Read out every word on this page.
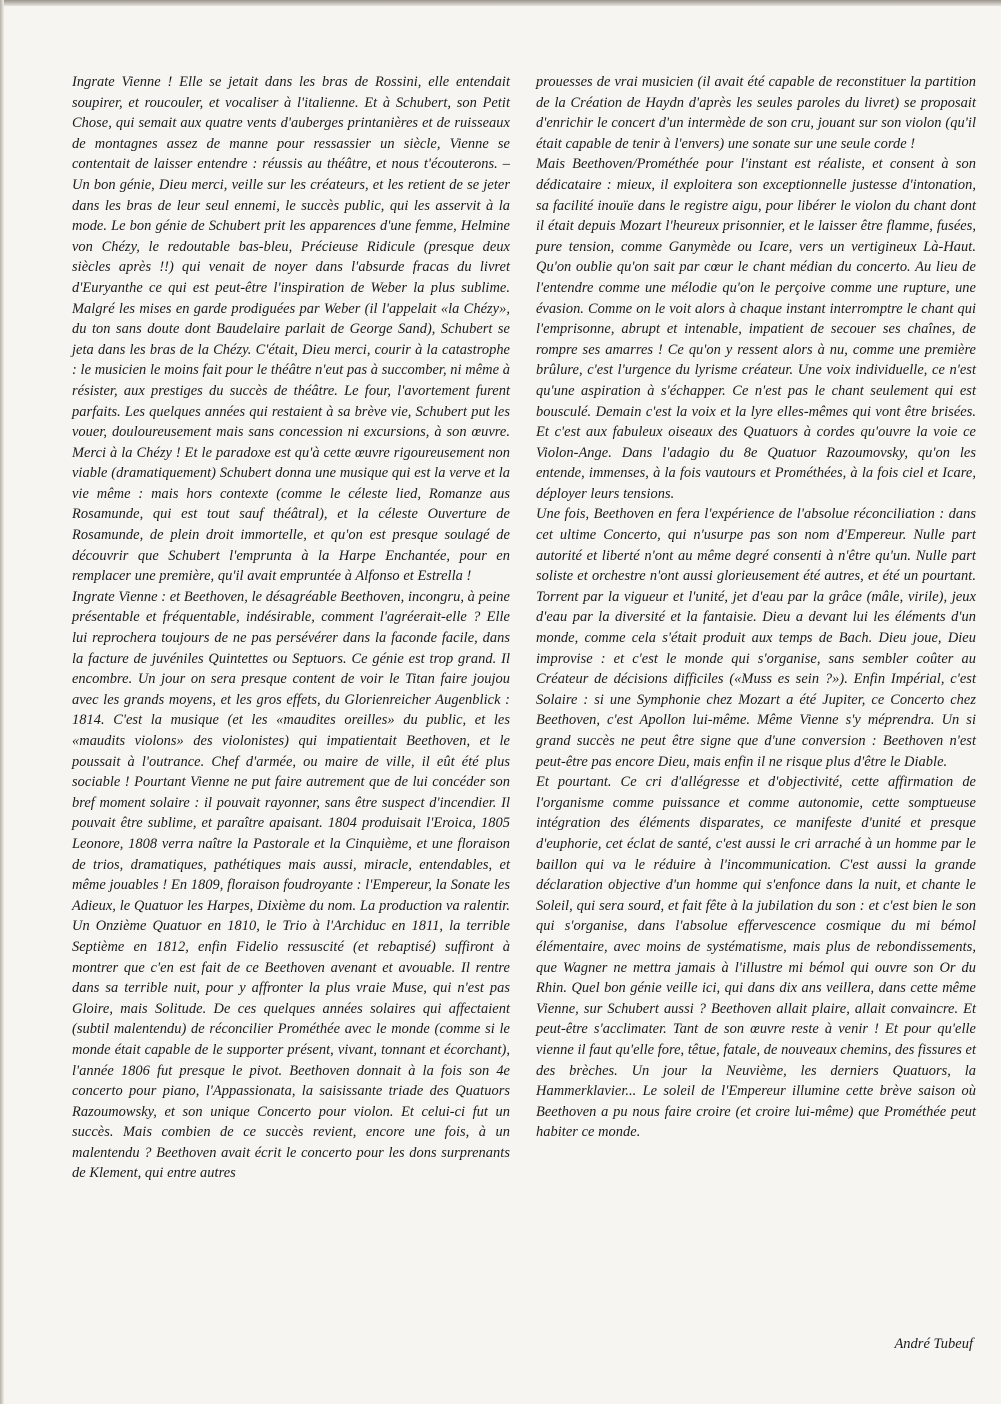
Ingrate Vienne ! Elle se jetait dans les bras de Rossini, elle entendait soupirer, et roucouler, et vocaliser à l'italienne. Et à Schubert, son Petit Chose, qui semait aux quatre vents d'auberges printanières et de ruisseaux de montagnes assez de manne pour ressassier un siècle, Vienne se contentait de laisser entendre : réussis au théâtre, et nous t'écouterons. – Un bon génie, Dieu merci, veille sur les créateurs, et les retient de se jeter dans les bras de leur seul ennemi, le succès public, qui les asservit à la mode. Le bon génie de Schubert prit les apparences d'une femme, Helmine von Chézy, le redoutable bas-bleu, Précieuse Ridicule (presque deux siècles après !!) qui venait de noyer dans l'absurde fracas du livret d'Euryanthe ce qui est peut-être l'inspiration de Weber la plus sublime. Malgré les mises en garde prodiguées par Weber (il l'appelait «la Chézy», du ton sans doute dont Baudelaire parlait de George Sand), Schubert se jeta dans les bras de la Chézy. C'était, Dieu merci, courir à la catastrophe : le musicien le moins fait pour le théâtre n'eut pas à succomber, ni même à résister, aux prestiges du succès de théâtre. Le four, l'avortement furent parfaits. Les quelques années qui restaient à sa brève vie, Schubert put les vouer, douloureusement mais sans concession ni excursions, à son œuvre. Merci à la Chézy ! Et le paradoxe est qu'à cette œuvre rigoureusement non viable (dramatiquement) Schubert donna une musique qui est la verve et la vie même : mais hors contexte (comme le céleste lied, Romanze aus Rosamunde, qui est tout sauf théâtral), et la céleste Ouverture de Rosamunde, de plein droit immortelle, et qu'on est presque soulagé de découvrir que Schubert l'emprunta à la Harpe Enchantée, pour en remplacer une première, qu'il avait empruntée à Alfonso et Estrella !

Ingrate Vienne : et Beethoven, le désagréable Beethoven, incongru, à peine présentable et fréquentable, indésirable, comment l'agréerait-elle ? Elle lui reprochera toujours de ne pas persévérer dans la faconde facile, dans la facture de juvéniles Quintettes ou Septuors. Ce génie est trop grand. Il encombre. Un jour on sera presque content de voir le Titan faire joujou avec les grands moyens, et les gros effets, du Glorienreicher Augenblick : 1814. C'est la musique (et les «maudites oreilles» du public, et les «maudits violons» des violonistes) qui impatientait Beethoven, et le poussait à l'outrance. Chef d'armée, ou maire de ville, il eût été plus sociable ! Pourtant Vienne ne put faire autrement que de lui concéder son bref moment solaire : il pouvait rayonner, sans être suspect d'incendier. Il pouvait être sublime, et paraître apaisant. 1804 produisait l'Eroica, 1805 Leonore, 1808 verra naître la Pastorale et la Cinquième, et une floraison de trios, dramatiques, pathétiques mais aussi, miracle, entendables, et même jouables ! En 1809, floraison foudroyante : l'Empereur, la Sonate les Adieux, le Quatuor les Harpes, Dixième du nom. La production va ralentir. Un Onzième Quatuor en 1810, le Trio à l'Archiduc en 1811, la terrible Septième en 1812, enfin Fidelio ressuscité (et rebaptisé) suffiront à montrer que c'en est fait de ce Beethoven avenant et avouable. Il rentre dans sa terrible nuit, pour y affronter la plus vraie Muse, qui n'est pas Gloire, mais Solitude. De ces quelques années solaires qui affectaient (subtil malentendu) de réconcilier Prométhée avec le monde (comme si le monde était capable de le supporter présent, vivant, tonnant et écorchant), l'année 1806 fut presque le pivot. Beethoven donnait à la fois son 4e concerto pour piano, l'Appassionata, la saisissante triade des Quatuors Razoumowsky, et son unique Concerto pour violon. Et celui-ci fut un succès. Mais combien de ce succès revient, encore une fois, à un malentendu ? Beethoven avait écrit le concerto pour les dons surprenants de Klement, qui entre autres

prouesses de vrai musicien (il avait été capable de reconstituer la partition de la Création de Haydn d'après les seules paroles du livret) se proposait d'enrichir le concert d'un intermède de son cru, jouant sur son violon (qu'il était capable de tenir à l'envers) une sonate sur une seule corde !

Mais Beethoven/Prométhée pour l'instant est réaliste, et consent à son dédicataire : mieux, il exploitera son exceptionnelle justesse d'intonation, sa facilité inouïe dans le registre aigu, pour libérer le violon du chant dont il était depuis Mozart l'heureux prisonnier, et le laisser être flamme, fusées, pure tension, comme Ganymède ou Icare, vers un vertigineux Là-Haut. Qu'on oublie qu'on sait par cœur le chant médian du concerto. Au lieu de l'entendre comme une mélodie qu'on le perçoive comme une rupture, une évasion. Comme on le voit alors à chaque instant interromptre le chant qui l'emprisonne, abrupt et intenable, impatient de secouer ses chaînes, de rompre ses amarres ! Ce qu'on y ressent alors à nu, comme une première brûlure, c'est l'urgence du lyrisme créateur. Une voix individuelle, ce n'est qu'une aspiration à s'échapper. Ce n'est pas le chant seulement qui est bousculé. Demain c'est la voix et la lyre elles-mêmes qui vont être brisées. Et c'est aux fabuleux oiseaux des Quatuors à cordes qu'ouvre la voie ce Violon-Ange. Dans l'adagio du 8e Quatuor Razoumovsky, qu'on les entende, immenses, à la fois vautours et Prométhées, à la fois ciel et Icare, déployer leurs tensions.

Une fois, Beethoven en fera l'expérience de l'absolue réconciliation : dans cet ultime Concerto, qui n'usurpe pas son nom d'Empereur. Nulle part autorité et liberté n'ont au même degré consenti à n'être qu'un. Nulle part soliste et orchestre n'ont aussi glorieusement été autres, et été un pourtant. Torrent par la vigueur et l'unité, jet d'eau par la grâce (mâle, virile), jeux d'eau par la diversité et la fantaisie. Dieu a devant lui les éléments d'un monde, comme cela s'était produit aux temps de Bach. Dieu joue, Dieu improvise : et c'est le monde qui s'organise, sans sembler coûter au Créateur de décisions difficiles («Muss es sein ?»). Enfin Impérial, c'est Solaire : si une Symphonie chez Mozart a été Jupiter, ce Concerto chez Beethoven, c'est Apollon lui-même. Même Vienne s'y méprendra. Un si grand succès ne peut être signe que d'une conversion : Beethoven n'est peut-être pas encore Dieu, mais enfin il ne risque plus d'être le Diable.

Et pourtant. Ce cri d'allégresse et d'objectivité, cette affirmation de l'organisme comme puissance et comme autonomie, cette somptueuse intégration des éléments disparates, ce manifeste d'unité et presque d'euphorie, cet éclat de santé, c'est aussi le cri arraché à un homme par le baillon qui va le réduire à l'incommunication. C'est aussi la grande déclaration objective d'un homme qui s'enfonce dans la nuit, et chante le Soleil, qui sera sourd, et fait fête à la jubilation du son : et c'est bien le son qui s'organise, dans l'absolue effervescence cosmique du mi bémol élémentaire, avec moins de systématisme, mais plus de rebondissements, que Wagner ne mettra jamais à l'illustre mi bémol qui ouvre son Or du Rhin. Quel bon génie veille ici, qui dans dix ans veillera, dans cette même Vienne, sur Schubert aussi ? Beethoven allait plaire, allait convaincre. Et peut-être s'acclimater. Tant de son œuvre reste à venir ! Et pour qu'elle vienne il faut qu'elle fore, têtue, fatale, de nouveaux chemins, des fissures et des brèches. Un jour la Neuvième, les derniers Quatuors, la Hammerklavier... Le soleil de l'Empereur illumine cette brève saison où Beethoven a pu nous faire croire (et croire lui-même) que Prométhée peut habiter ce monde.

André Tubeuf
